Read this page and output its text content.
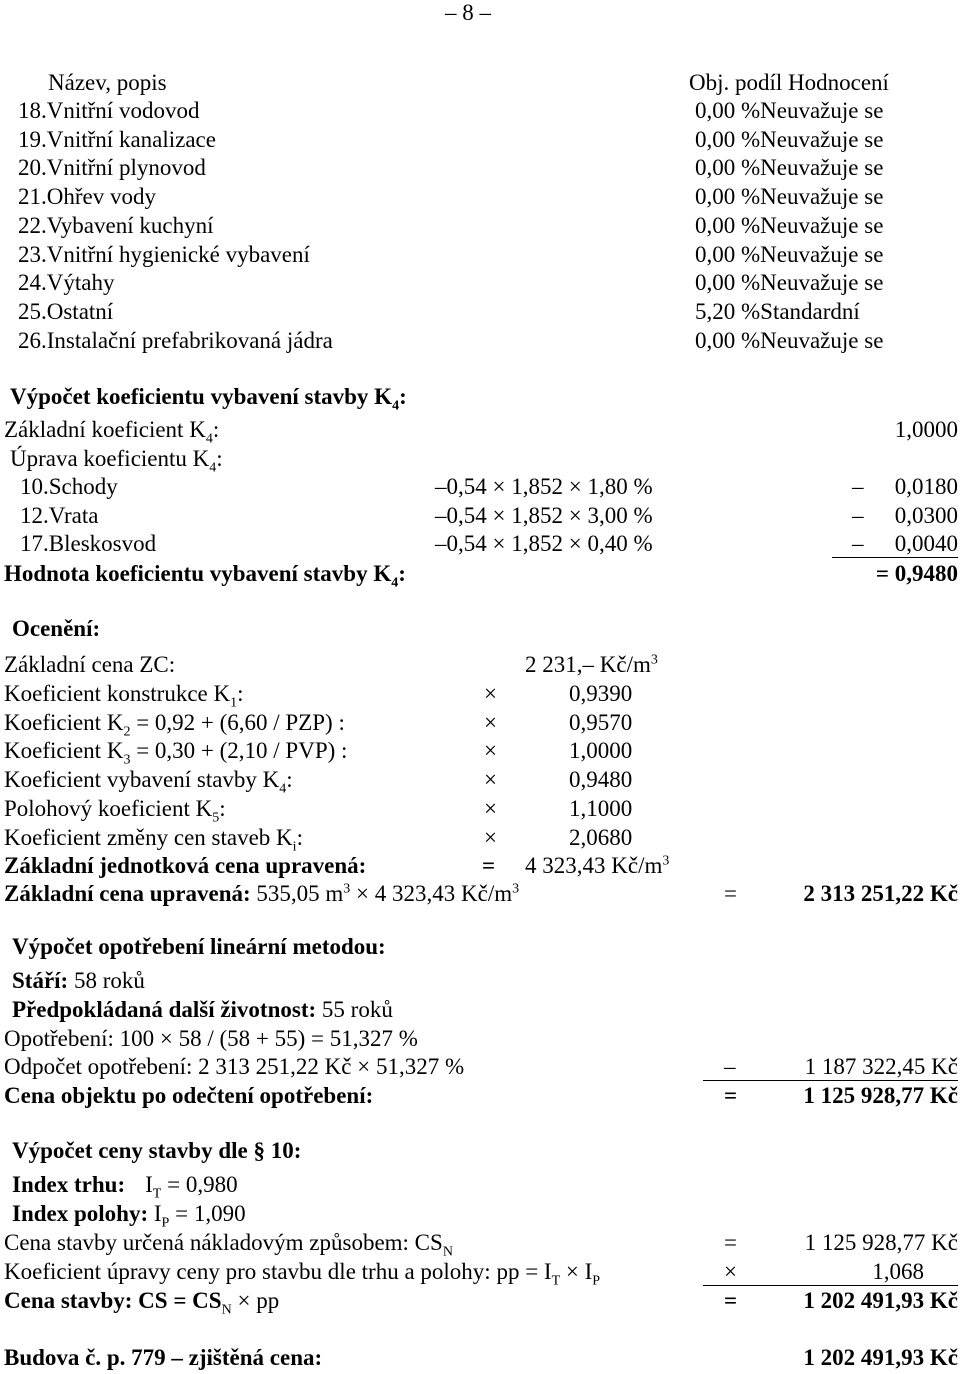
– 8 –
Název, popis	Obj. podíl Hodnocení
18.Vnitřní vodovod	0,00 %Neuvažuje se
19.Vnitřní kanalizace	0,00 %Neuvažuje se
20.Vnitřní plynovod	0,00 %Neuvažuje se
21.Ohřev vody	0,00 %Neuvažuje se
22.Vybavení kuchyní	0,00 %Neuvažuje se
23.Vnitřní hygienické vybavení	0,00 %Neuvažuje se
24.Výtahy	0,00 %Neuvažuje se
25.Ostatní	5,20 %Standardní
26.Instalační prefabrikovaná jádra	0,00 %Neuvažuje se
Výpočet koeficientu vybavení stavby $K_4$:
Základní koeficient $K_4$:	1,0000
Úprava koeficientu $K_4$:
10.Schody	–0,54 × 1,852 × 1,80 %	– 0,0180
12.Vrata	–0,54 × 1,852 × 3,00 %	– 0,0300
17.Bleskosvod	–0,54 × 1,852 × 0,40 %	– 0,0040
Hodnota koeficientu vybavení stavby $K_4$:	= 0,9480
Ocenění:
Základní cena ZC:	2 231,– $Kč/m^3$
Koeficient konstrukce $K_1$:	×	0,9390
Koeficient $K_2 = 0,92 + (6,60 / PZP)$ :	×	0,9570
Koeficient $K_3 = 0,30 + (2,10 / PVP)$ :	×	1,0000
Koeficient vybavení stavby $K_4$:	×	0,9480
Polohový koeficient $K_5$:	×	1,1000
Koeficient změny cen staveb $K_i$:	×	2,0680
Základní jednotková cena upravená:	= 4 323,43 $Kč/m^3$
Základní cena upravená: 535,05 $m^3 \times 4$ 323,43 $Kč/m^3$	=	2 313 251,22 Kč
Výpočet opotřebení lineární metodou:
Stáří: 58 roků
Předpokládaná další životnost: 55 roků
Opotřebení: 100 × 58 / (58 + 55) = 51,327 %
Odpočet opotřebení: 2 313 251,22 Kč × 51,327 %	–	1 187 322,45 Kč
Cena objektu po odečtení opotřebení:	=	1 125 928,77 Kč
Výpočet ceny stavby dle § 10:
Index trhu: $I_T = 0,980$
Index polohy: $I_P = 1,090$
Cena stavby určená nákladovým způsobem: $CS_N$	=	1 125 928,77 Kč
Koeficient úpravy ceny pro stavbu dle trhu a polohy: pp = $I_T \times I_P$	×	1,068
Cena stavby: CS = $CS_N$ × pp	=	1 202 491,93 Kč
Budova č. p. 779 – zjištěná cena:	1 202 491,93 Kč
